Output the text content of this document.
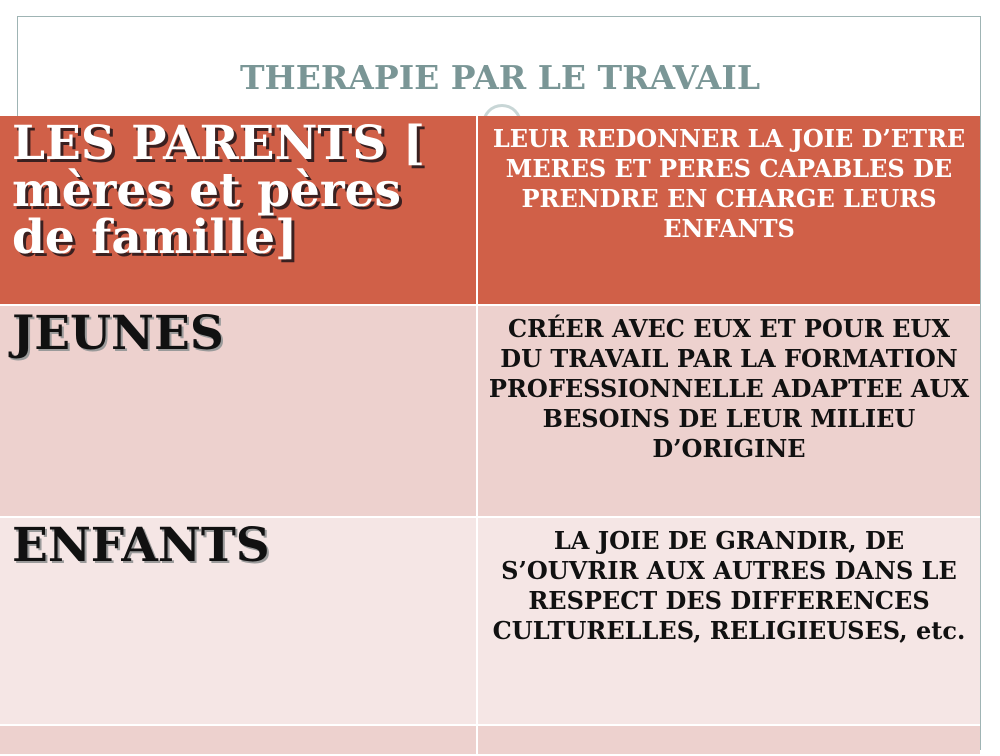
THERAPIE PAR LE TRAVAIL
LES PARENTS [ mères et pères de famille]
LEUR REDONNER LA JOIE D’ETRE MERES ET PERES CAPABLES DE PRENDRE EN CHARGE LEURS ENFANTS
JEUNES	CRÉER AVEC EUX ET POUR EUX DU TRAVAIL PAR LA FORMATION PROFESSIONNELLE ADAPTEE AUX BESOINS DE LEUR MILIEU D’ORIGINE
ENFANTS	LA JOIE DE GRANDIR, DE S’OUVRIR AUX AUTRES DANS LE RESPECT DES DIFFERENCES CULTURELLES, RELIGIEUSES, etc.
